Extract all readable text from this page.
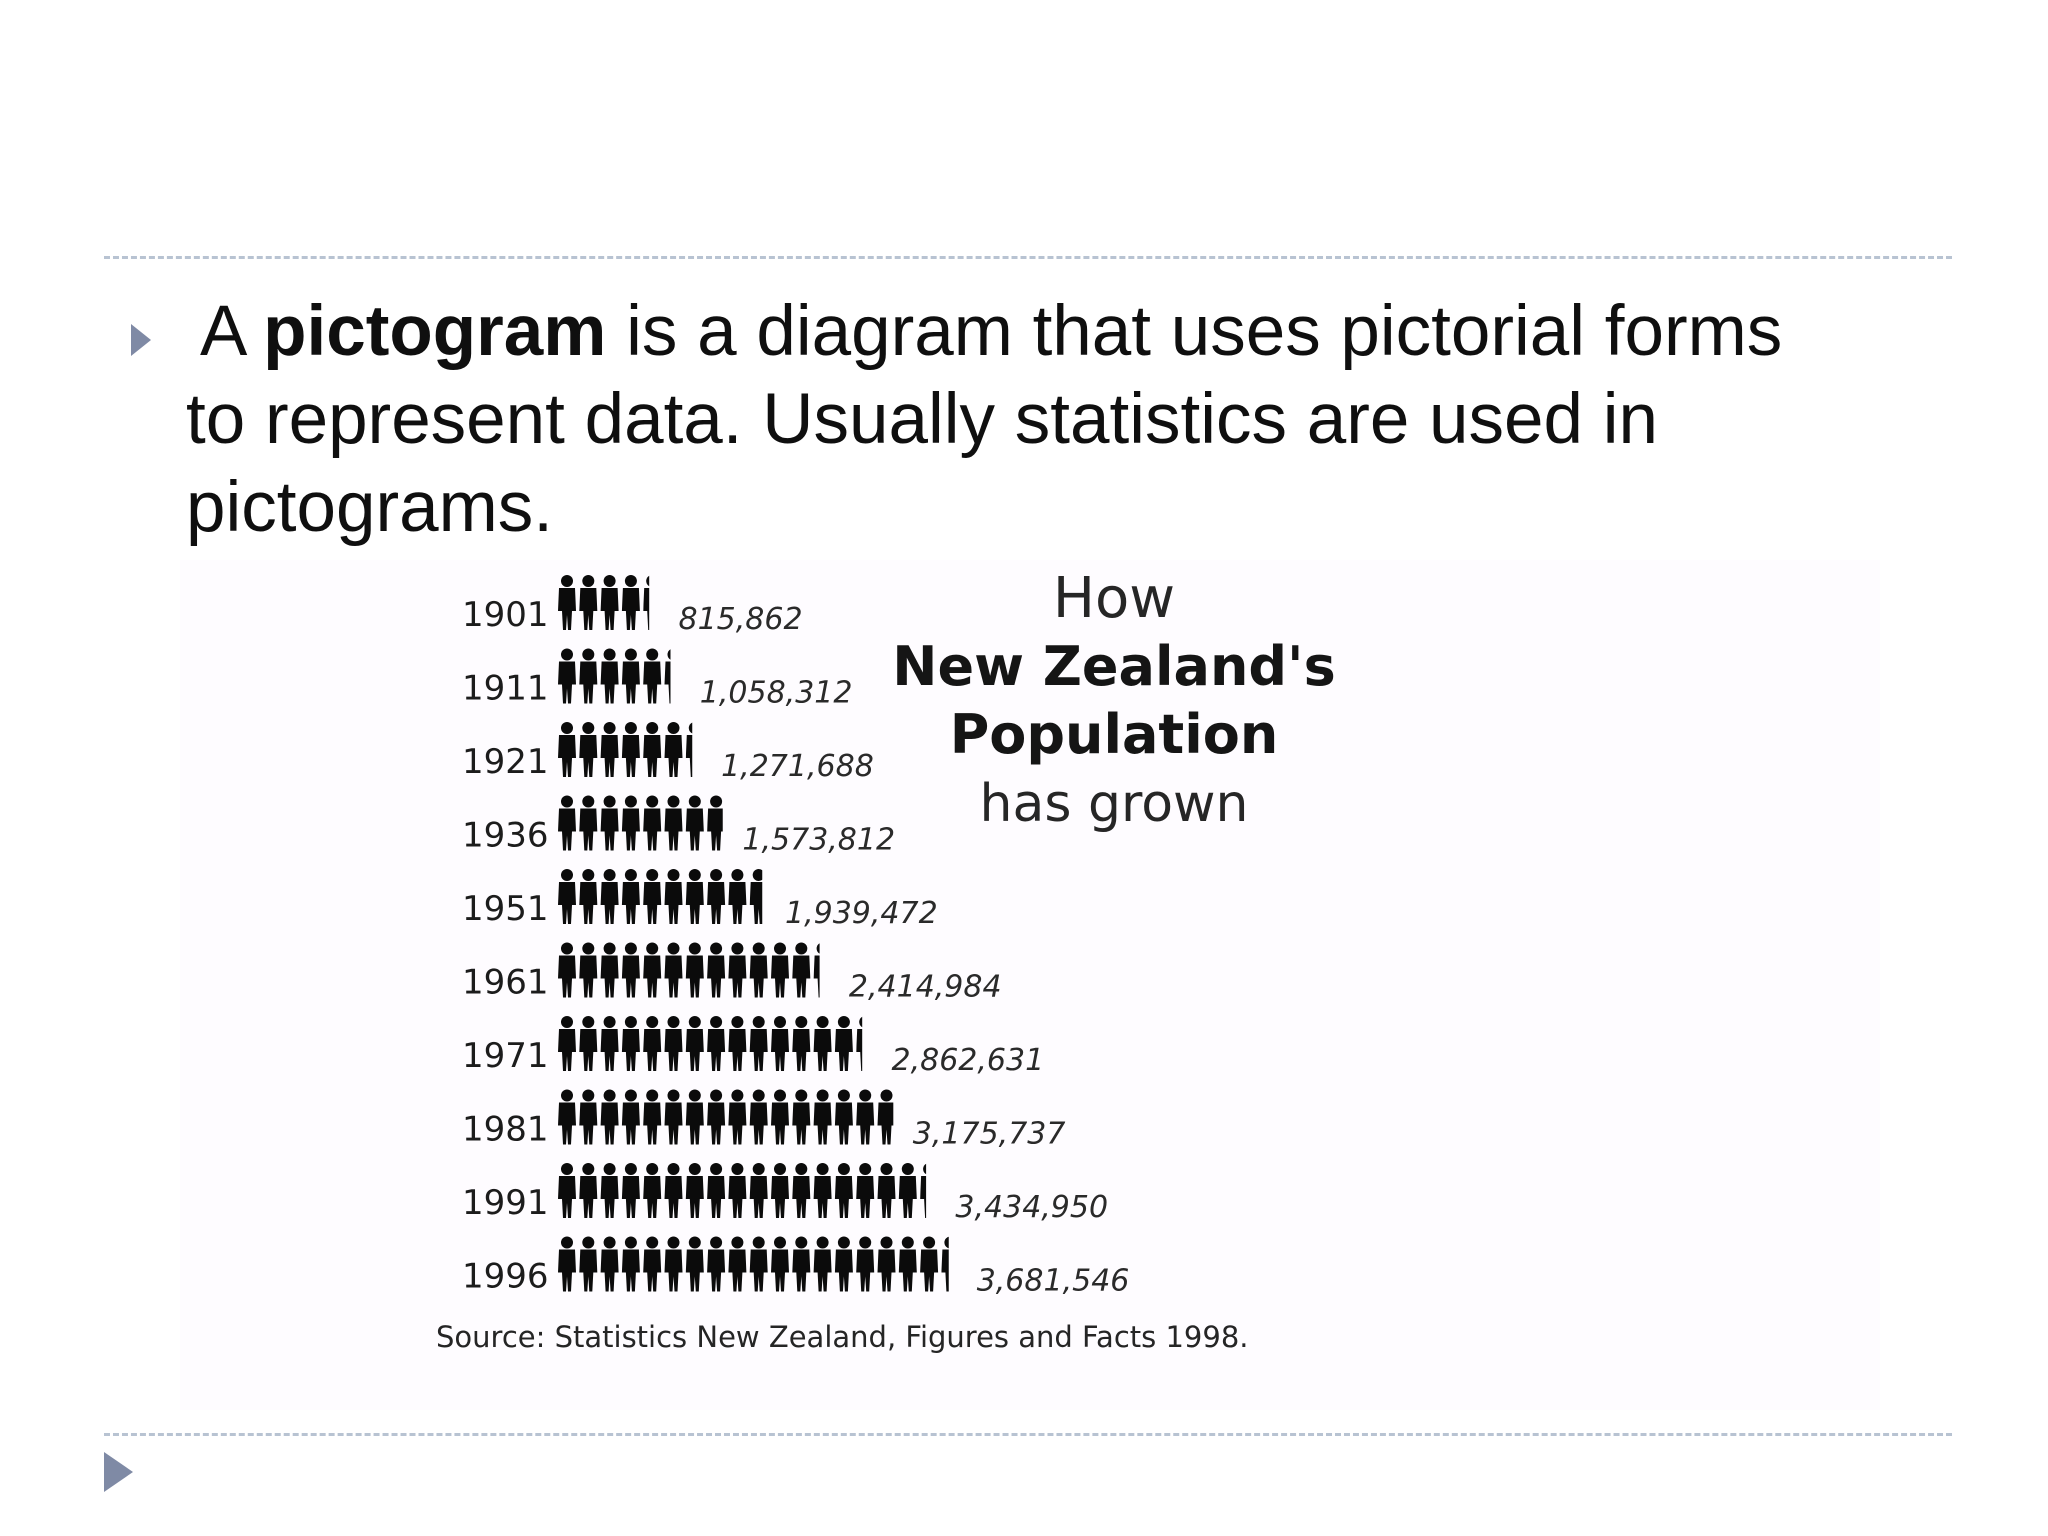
A pictogram is a diagram that uses pictorial forms
to represent data. Usually statistics are used in
pictograms.
1901	815,862
1911	1,058,312
1921	1,271,688
1936	1,573,812
1951	1,939,472
1961	2,414,984
1971	2,862,631
1981	3,175,737
1991	3,434,950
1996	3,681,546
How
New Zealand's
Population
has grown
Source: Statistics New Zealand, Figures and Facts 1998.
